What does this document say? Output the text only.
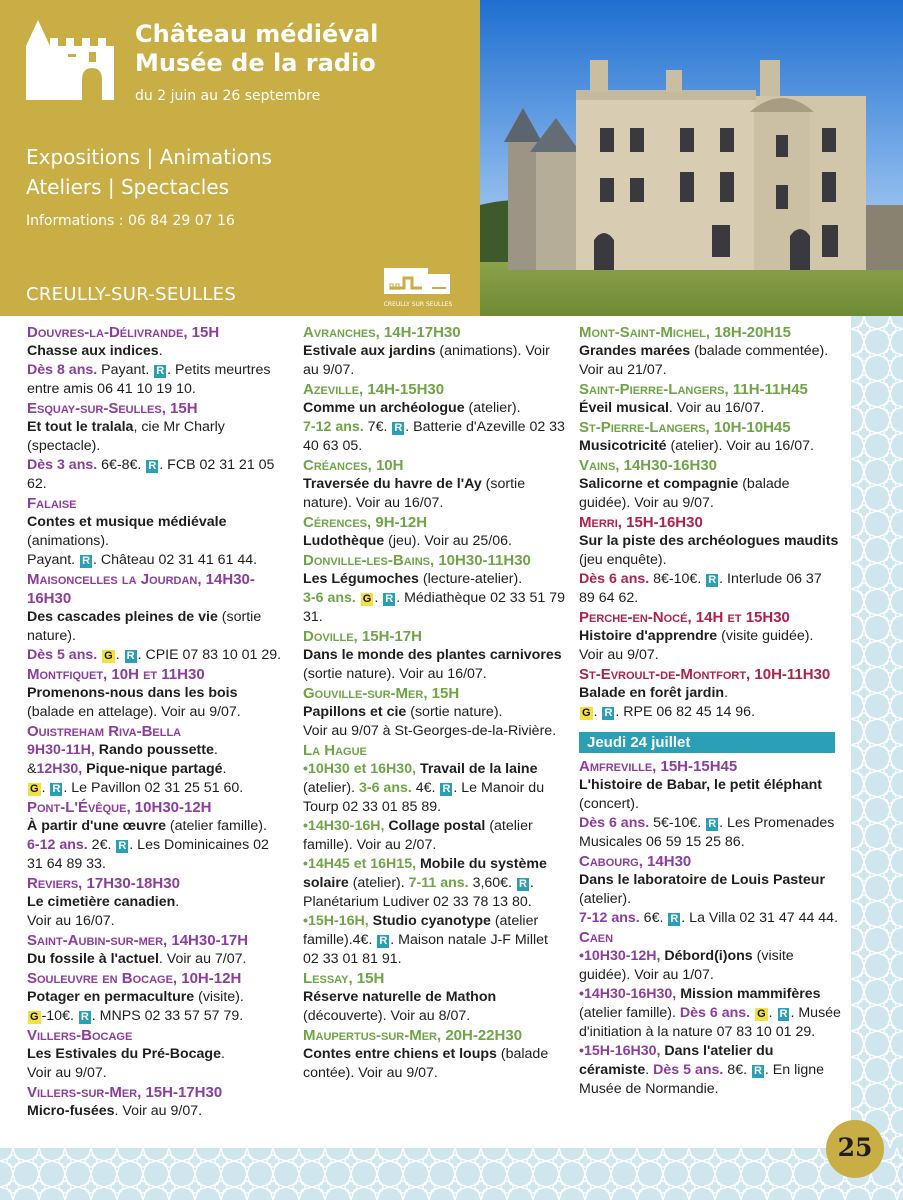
Château médiéval
Musée de la radio
du 2 juin au 26 septembre
Expositions | Animations
Ateliers | Spectacles
Informations : 06 84 29 07 16
CREULLY-SUR-SEULLES	CREULLY SUR SEULLES
Douvres-la-Délivrande, 15H
Chasse aux indices.
Dès 8 ans. Payant. R . Petits meurtres entre amis 06 41 10 19 10.
Esquay-sur-Seulles, 15H
Et tout le tralala, cie Mr Charly (spectacle).
Dès 3 ans. 6€-8€. R . FCB 02 31 21 05 62.
Falaise
Contes et musique médiévale (animations).
Payant. R . Château 02 31 41 61 44.
Maisoncelles la Jourdan, 14H30-16H30
Des cascades pleines de vie (sortie nature).
Dès 5 ans. G . R . CPIE 07 83 10 01 29.
Montfiquet, 10H et 11H30
Promenons-nous dans les bois (balade en attelage). Voir au 9/07.
Ouistreham Riva-Bella
9H30-11H, Rando poussette.
&12H30, Pique-nique partagé.
G . R . Le Pavillon 02 31 25 51 60.
Pont-L'Évêque, 10H30-12H
À partir d'une œuvre (atelier famille).
6-12 ans. 2€. R . Les Dominicaines 02 31 64 89 33.
Reviers, 17H30-18H30
Le cimetière canadien.
Voir au 16/07.
Saint-Aubin-sur-mer, 14H30-17H
Du fossile à l'actuel. Voir au 7/07.
Souleuvre en Bocage, 10H-12H
Potager en permaculture (visite).
G -10€. R . MNPS 02 33 57 57 79.
Villers-Bocage
Les Estivales du Pré-Bocage.
Voir au 9/07.
Villers-sur-Mer, 15H-17H30
Micro-fusées. Voir au 9/07.
Avranches, 14H-17H30
Estivale aux jardins (animations). Voir au 9/07.
Azeville, 14H-15H30
Comme un archéologue (atelier).
7-12 ans. 7€. R . Batterie d'Azeville 02 33 40 63 05.
Créances, 10H
Traversée du havre de l'Ay (sortie nature). Voir au 16/07.
Cérences, 9H-12H
Ludothèque (jeu). Voir au 25/06.
Donville-les-Bains, 10H30-11H30
Les Légumoches (lecture-atelier).
3-6 ans. G . R . Médiathèque 02 33 51 79 31.
Doville, 15H-17H
Dans le monde des plantes carnivores (sortie nature). Voir au 16/07.
Gouville-sur-Mer, 15H
Papillons et cie (sortie nature).
Voir au 9/07 à St-Georges-de-la-Rivière.
La Hague
•10H30 et 16H30, Travail de la laine (atelier). 3-6 ans. 4€. R . Le Manoir du Tourp 02 33 01 85 89.
•14H30-16H, Collage postal (atelier famille). Voir au 2/07.
•14H45 et 16H15, Mobile du système solaire (atelier). 7-11 ans. 3,60€. R . Planétarium Ludiver 02 33 78 13 80.
•15H-16H, Studio cyanotype (atelier famille).4€. R . Maison natale J-F Millet 02 33 01 81 91.
Lessay, 15H
Réserve naturelle de Mathon (découverte). Voir au 8/07.
Maupertus-sur-Mer, 20H-22H30
Contes entre chiens et loups (balade contée). Voir au 9/07.
Mont-Saint-Michel, 18H-20H15
Grandes marées (balade commentée). Voir au 21/07.
Saint-Pierre-Langers, 11H-11H45
Éveil musical. Voir au 16/07.
St-Pierre-Langers, 10H-10H45
Musicotricité (atelier). Voir au 16/07.
Vains, 14H30-16H30
Salicorne et compagnie (balade guidée). Voir au 9/07.
Merri, 15H-16H30
Sur la piste des archéologues maudits (jeu enquête).
Dès 6 ans. 8€-10€. R . Interlude 06 37 89 64 62.
Perche-en-Nocé, 14H et 15H30
Histoire d'apprendre (visite guidée). Voir au 9/07.
St-Evroult-de-Montfort, 10H-11H30
Balade en forêt jardin.
G . R . RPE 06 82 45 14 96.
Jeudi 24 juillet
Amfreville, 15H-15H45
L'histoire de Babar, le petit éléphant (concert).
Dès 6 ans. 5€-10€. R . Les Promenades Musicales 06 59 15 25 86.
Cabourg, 14H30
Dans le laboratoire de Louis Pasteur (atelier).
7-12 ans. 6€. R . La Villa 02 31 47 44 44.
Caen
•10H30-12H, Débord(i)ons (visite guidée). Voir au 1/07.
•14H30-16H30, Mission mammifères (atelier famille). Dès 6 ans. G . R . Musée d'initiation à la nature 07 83 10 01 29.
•15H-16H30, Dans l'atelier du céramiste. Dès 5 ans. 8€. R . En ligne Musée de Normandie.
25
